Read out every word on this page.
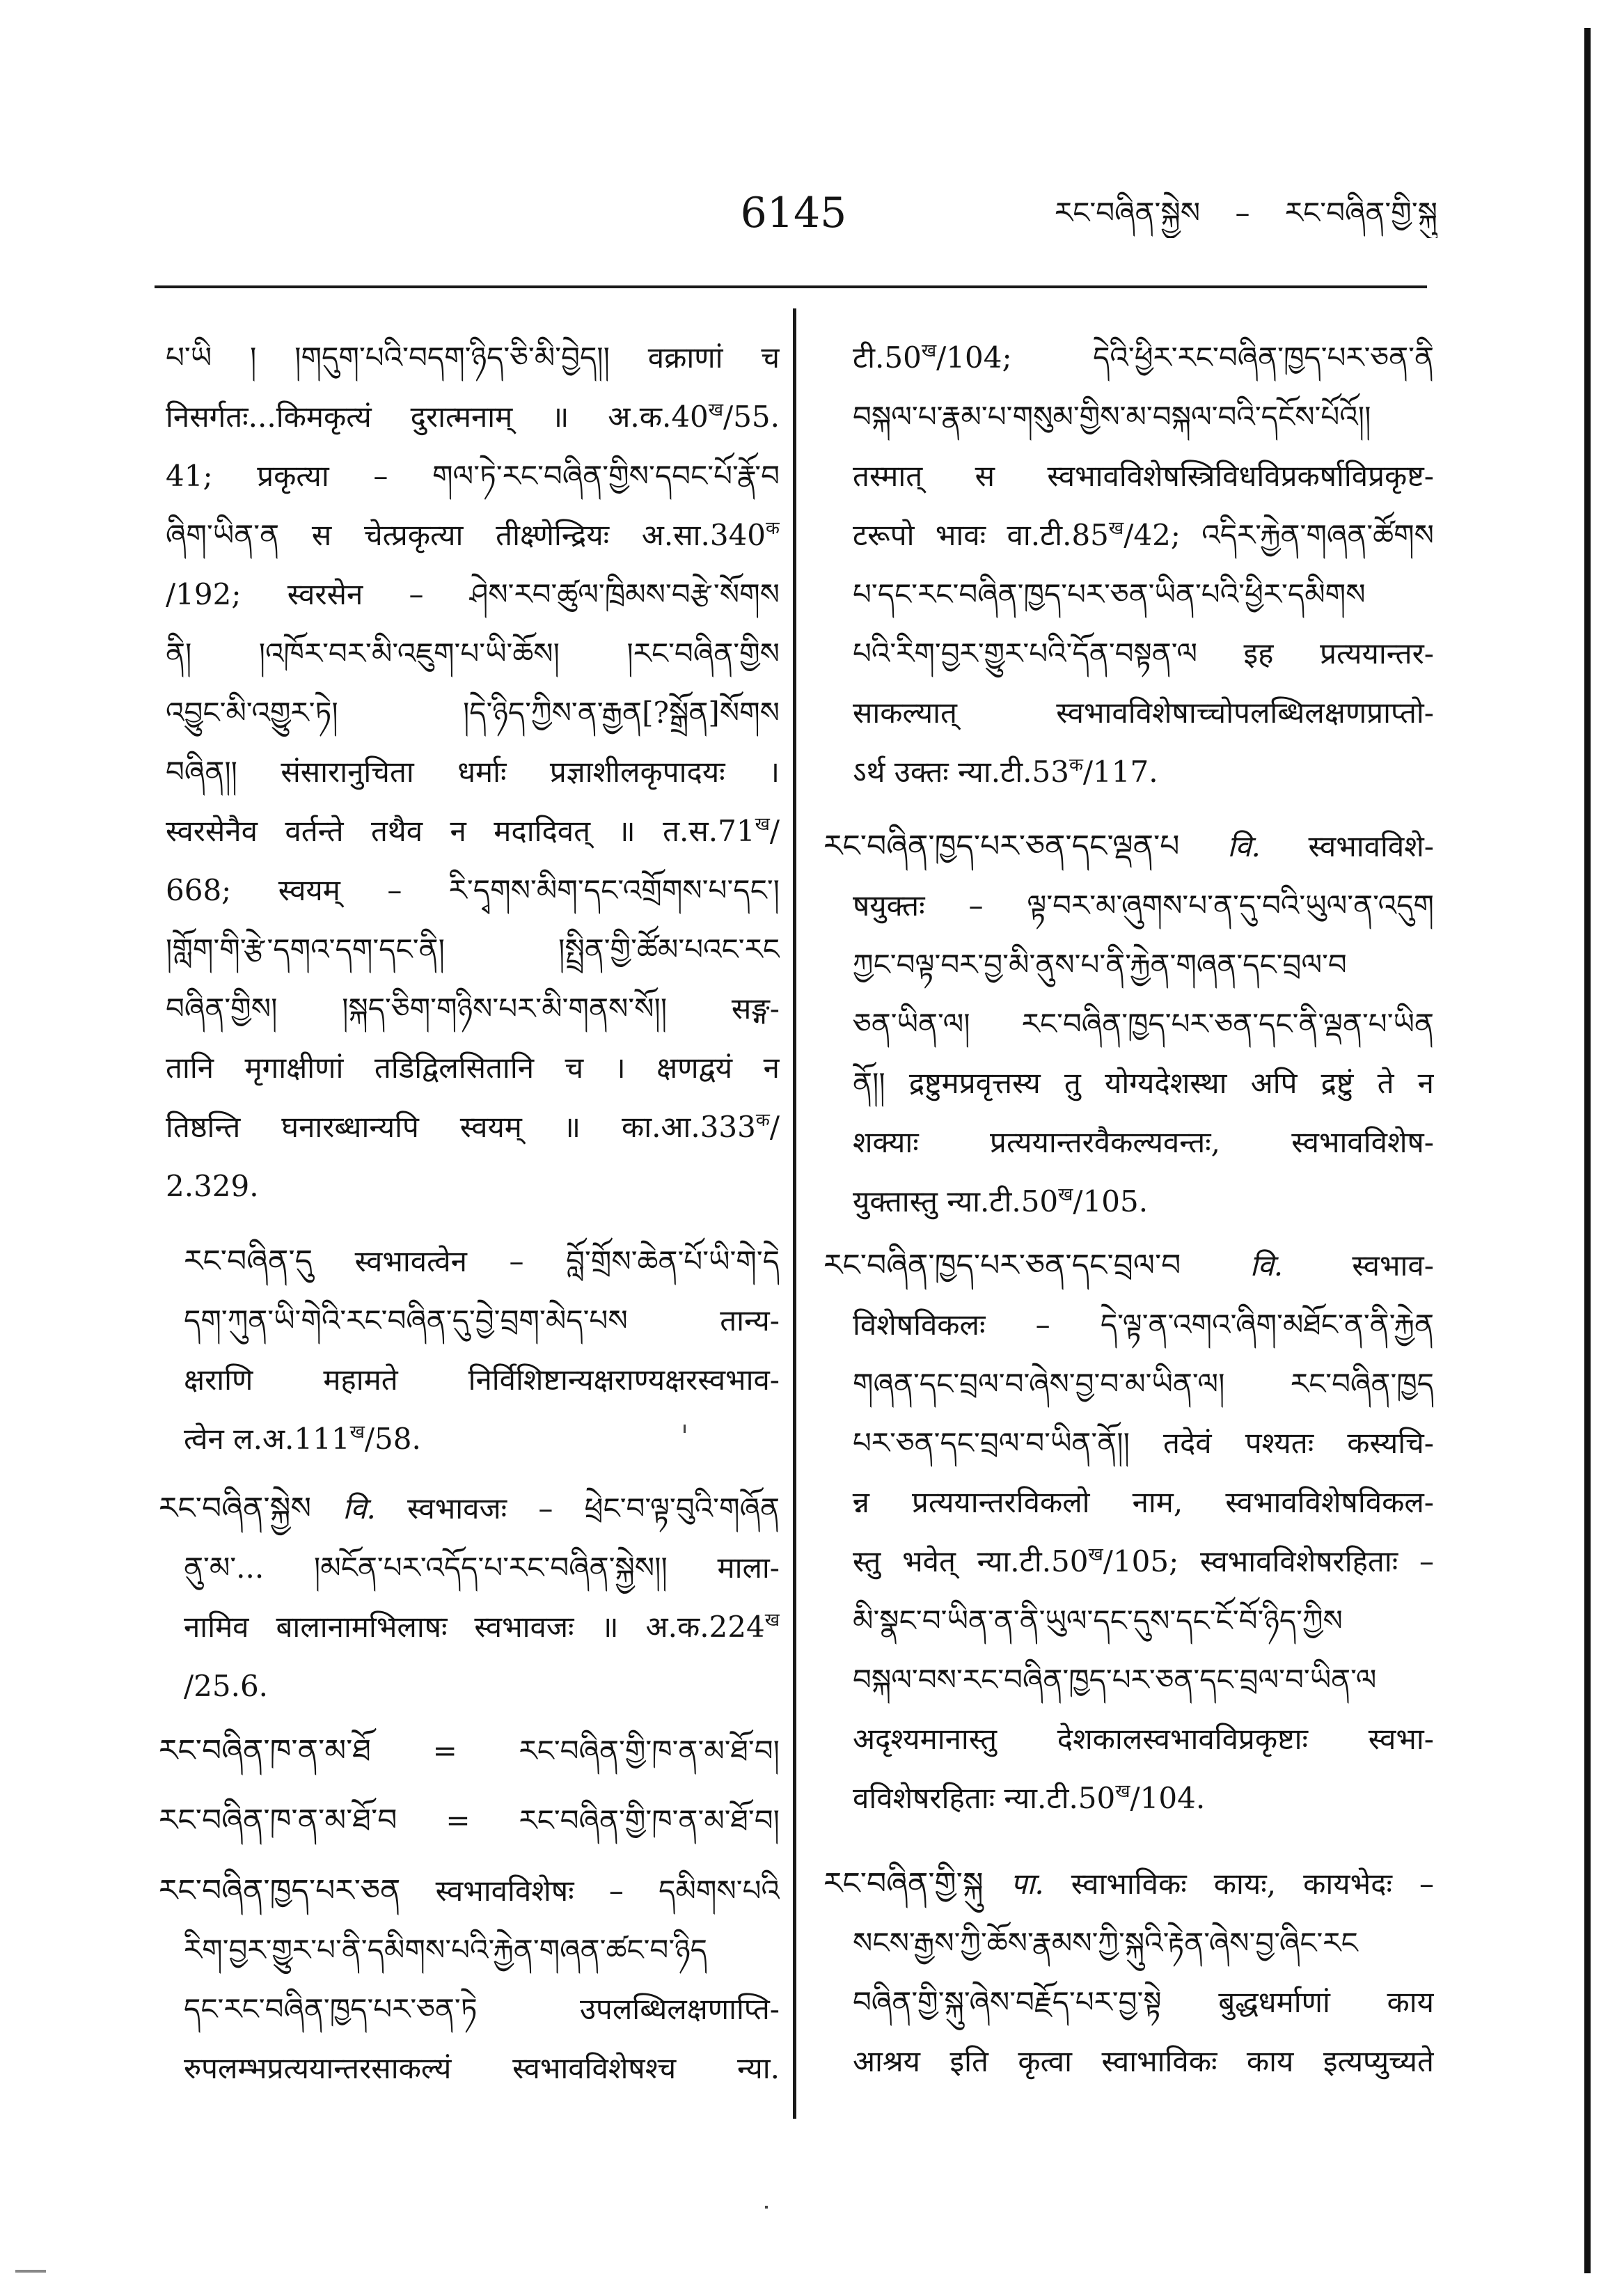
6145	རང་བཞིན་སྐྱེས – རང་བཞིན་གྱི་སྐུ
པ་ཡི ། །གདུག་པའི་བདག་ཉིད་ཅི་མི་བྱེད།། वक्राणां च
निसर्गतः...किमकृत्यं दुरात्मनाम् ॥ $अ.क.40^ख/55$.
41; प्रकृत्या – གལ་ཏེ་རང་བཞིན་གྱིས་དབང་པོ་རྣོ་བ
ཞིག་ཡིན་ན स चेत्प्रकृत्या तीक्ष्णेन्द्रियः $अ.सा.340^क$
/192; स्वरसेन – ཤེས་རབ་ཚུལ་ཁྲིམས་བརྩེ་སོགས
ནི། །འཁོར་བར་མི་འཇུག་པ་ཡི་ཆོས། །རང་བཞིན་གྱིས
འབྱུང་མི་འགྱུར་ཏེ། །དེ་ཉིད་ཀྱིས་ན་རྒྱན[?སྒྲོན]སོགས
བཞིན།། संसारानुचिता धर्माः प्रज्ञाशीलकृपादयः ।
स्वरसेनैव वर्तन्ते तथैव न मदादिवत् ॥ $त.स.71^ख/$
668; स्वयम् – རི་དྭགས་མིག་དང་འགྲོགས་པ་དང་།
།གློག་གི་རྩེ་དགའ་དག་དང་ནི། །སྤྲིན་གྱི་ཚོམ་པའང་རང
བཞིན་གྱིས། །སྐད་ཅིག་གཉིས་པར་མི་གནས་སོ།། सङ्ग-
तानि मृगाक्षीणां तडिद्विलसितानि च । क्षणद्वयं न
तिष्ठन्ति घनारब्धान्यपि स्वयम् ॥ $का.आ.333^क/$
2.329.
རང་བཞིན་དུ स्वभावत्वेन – བློ་གྲོས་ཆེན་པོ་ཡི་གེ་དེ
དག་ཀུན་ཡི་གེའི་རང་བཞིན་དུ་བྱེ་བྲག་མེད་པས तान्य-
क्षराणि महामते निर्विशिष्टान्यक्षराण्यक्षरस्वभाव-
त्वेन $ल.अ.111^ख/58$.
རང་བཞིན་སྐྱེས वि. स्वभावजः – ཕྲེང་བ་ལྟ་བུའི་གཞོན
ནུ་མ་... །མངོན་པར་འདོད་པ་རང་བཞིན་སྐྱེས།། माला-
नामिव बालानामभिलाषः स्वभावजः ॥ $अ.क.224^ख$
/25.6.
རང་བཞིན་ཁ་ན་མ་ཐོ = རང་བཞིན་གྱི་ཁ་ན་མ་ཐོ་བ།
རང་བཞིན་ཁ་ན་མ་ཐོ་བ = རང་བཞིན་གྱི་ཁ་ན་མ་ཐོ་བ།
རང་བཞིན་ཁྱད་པར་ཅན स्वभावविशेषः – དམིགས་པའི
རིག་བྱར་གྱུར་པ་ནི་དམིགས་པའི་རྐྱེན་གཞན་ཚང་བ་ཉིད
དང་རང་བཞིན་ཁྱད་པར་ཅན་ཏེ उपलब्धिलक्षणाप्ति-
रुपलम्भप्रत्ययान्तरसाकल्यं स्वभावविशेषश्च न्या.
$टी.50^ख/104$; དེའི་ཕྱིར་རང་བཞིན་ཁྱད་པར་ཅན་ནི
བསྐལ་པ་རྣམ་པ་གསུམ་གྱིས་མ་བསྐལ་བའི་དངོས་པོའོ།།
तस्मात् स स्वभावविशेषस्त्रिविधविप्रकर्षाविप्रकृष्ट-
टरूपो भावः $वा.टी.85^ख/42$; འདིར་རྐྱེན་གཞན་ཚོགས
པ་དང་རང་བཞིན་ཁྱད་པར་ཅན་ཡིན་པའི་ཕྱིར་དམིགས
པའི་རིག་བྱར་གྱུར་པའི་དོན་བསྟན་ལ इह प्रत्ययान्तर-
साकल्यात् स्वभावविशेषाच्चोपलब्धिलक्षणप्राप्तो-
ऽर्थ उक्तः $न्या.टी.53^क/117$.
རང་བཞིན་ཁྱད་པར་ཅན་དང་ལྡན་པ वि. स्वभावविशे-
षयुक्तः – ལྟ་བར་མ་ཞུགས་པ་ན་དུ་བའི་ཡུལ་ན་འདུག
ཀྱང་བལྟ་བར་བྱ་མི་ནུས་པ་ནི་རྐྱེན་གཞན་དང་བྲལ་བ
ཅན་ཡིན་ལ། རང་བཞིན་ཁྱད་པར་ཅན་དང་ནི་ལྡན་པ་ཡིན
ནོ།། द्रष्टुमप्रवृत्तस्य तु योग्यदेशस्था अपि द्रष्टुं ते न
शक्याः प्रत्ययान्तरवैकल्यवन्तः, स्वभावविशेष-
युक्तास्तु $न्या.टी.50^ख/105$.
རང་བཞིན་ཁྱད་པར་ཅན་དང་བྲལ་བ वि. स्वभाव-
विशेषविकलः – དེ་ལྟ་ན་འགའ་ཞིག་མཐོང་ན་ནི་རྐྱེན
གཞན་དང་བྲལ་བ་ཞེས་བྱ་བ་མ་ཡིན་ལ། རང་བཞིན་ཁྱད
པར་ཅན་དང་བྲལ་བ་ཡིན་ནོ།། तदेवं पश्यतः कस्यचि-
न्न प्रत्ययान्तरविकलो नाम, स्वभावविशेषविकल-
स्तु भवेत् $न्या.टी.50^ख/105$; स्वभावविशेषरहिताः –
མི་སྣང་བ་ཡིན་ན་ནི་ཡུལ་དང་དུས་དང་ངོ་བོ་ཉིད་ཀྱིས
བསྐལ་བས་རང་བཞིན་ཁྱད་པར་ཅན་དང་བྲལ་བ་ཡིན་ལ
अदृश्यमानास्तु देशकालस्वभावविप्रकृष्टाः स्वभा-
वविशेषरहिताः $न्या.टी.50^ख/104$.
རང་བཞིན་གྱི་སྐུ पा. स्वाभाविकः कायः, कायभेदः –
སངས་རྒྱས་ཀྱི་ཆོས་རྣམས་ཀྱི་སྐུའི་རྟེན་ཞེས་བྱ་ཞིང་རང
བཞིན་གྱི་སྐུ་ཞེས་བརྗོད་པར་བྱ་སྟེ बुद्धधर्माणां काय
आश्रय इति कृत्वा स्वाभाविकः काय इत्यप्युच्यते
